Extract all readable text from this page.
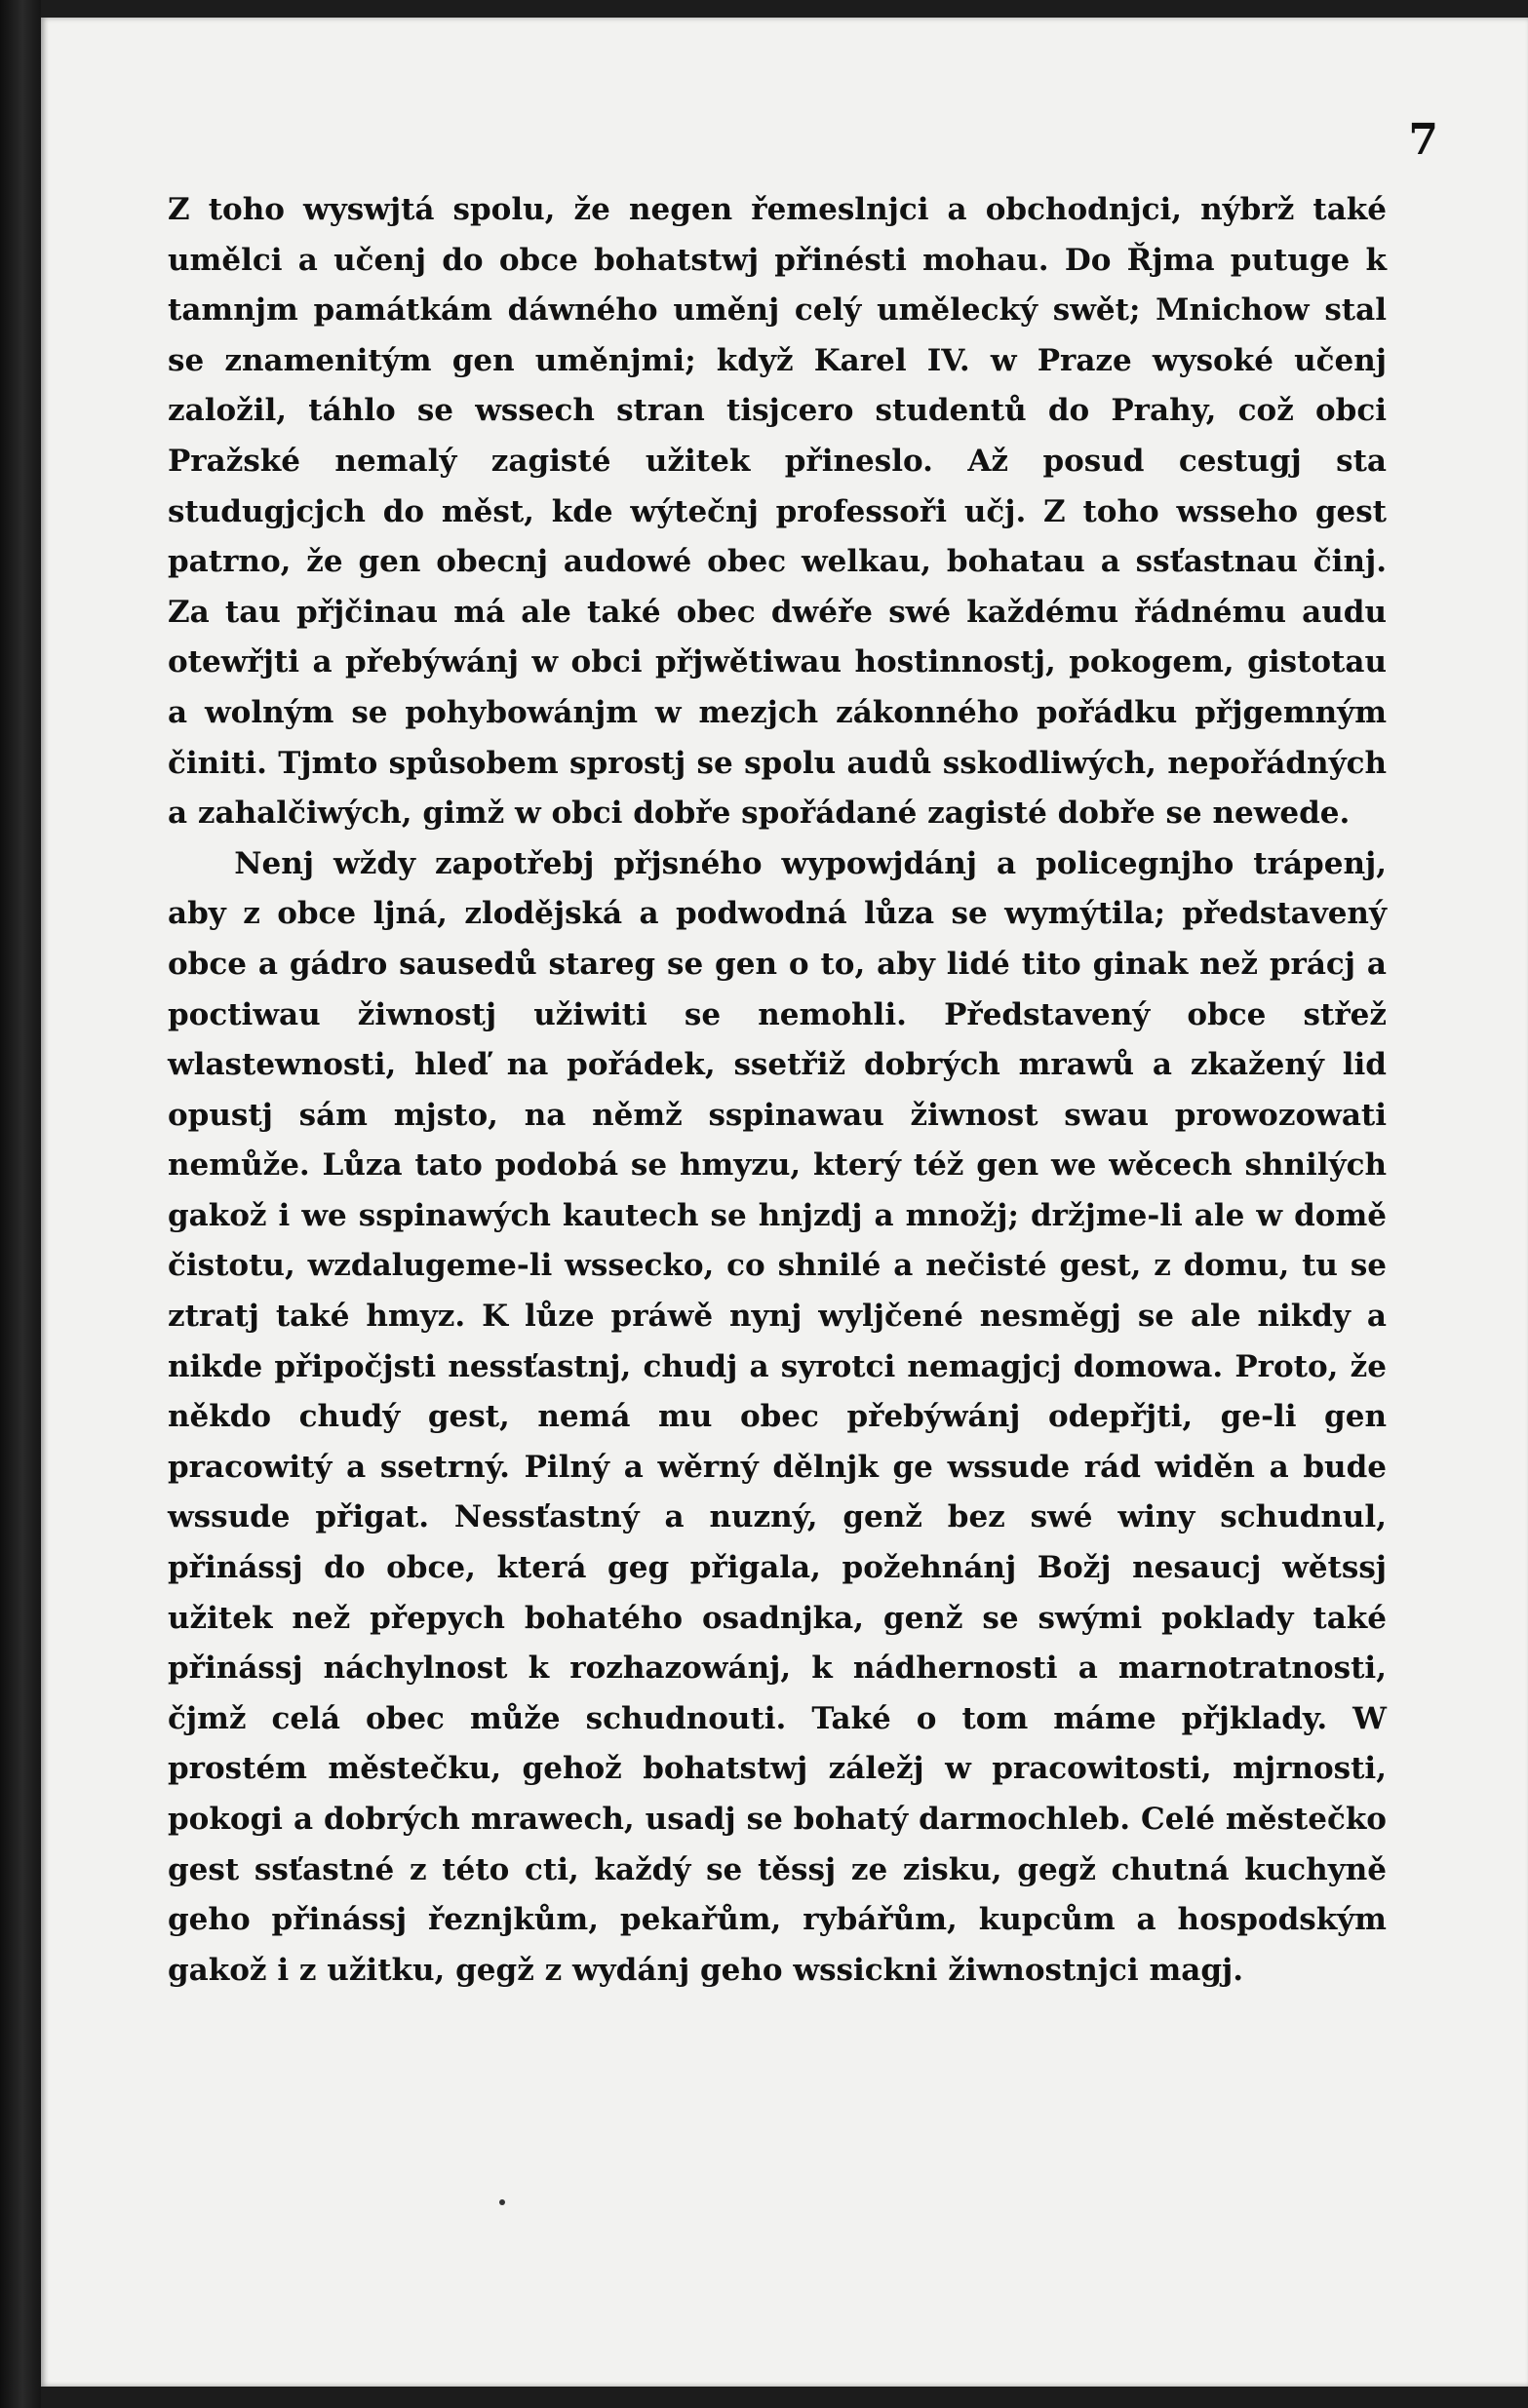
7

Z toho wyswjtá spolu, že negen řemeslnjci a obchodnjci, nýbrž také umělci a učenj do obce bohatstwj přinésti mohau. Do Řjma putuge k tamnjm památkám dáwného uměnj celý umělecký swět; Mnichow stal se znamenitým gen uměnjmi; když Karel IV. w Praze wysoké učenj založil, táhlo se wssech stran tisjcero studentů do Prahy, což obci Pražské nemalý zagisté užitek přineslo. Až posud cestugj sta studugjcjch do měst, kde wýtečnj professoři učj. Z toho wsseho gest patrno, že gen obecnj audowé obec welkau, bohatau a ssťastnau činj. Za tau přjčinau má ale také obec dwéře swé každému řádnému audu otewřjti a přebýwánj w obci přjwětiwau hostinnostj, pokogem, gistotau a wolným se pohybowánjm w mezjch zákonného pořádku přjgemným činiti. Tjmto spůsobem sprostj se spolu audů sskodliwých, nepořádných a zahalčiwých, gimž w obci dobře spořádané zagisté dobře se newede.

Nenj wždy zapotřebj přjsného wypowjdánj a policegnjho trápenj, aby z obce ljná, zlodějská a podwodná lůza se wymýtila; představený obce a gádro sausedů stareg se gen o to, aby lidé tito ginak než prácj a poctiwau žiwnostj užiwiti se nemohli. Představený obce střež wlastewnosti, hleď na pořádek, ssetřiž dobrých mrawů a zkažený lid opustj sám mjsto, na němž sspinawau žiwnost swau prowozowati nemůže. Lůza tato podobá se hmyzu, který též gen we wěcech shnilých gakož i we sspinawých kautech se hnjzdj a množj; držjme-li ale w domě čistotu, wzdalugeme-li wssecko, co shnilé a nečisté gest, z domu, tu se ztratj také hmyz. K lůze práwě nynj wyljčené nesměgj se ale nikdy a nikde připočjsti nessťastnj, chudj a syrotci nemagjcj domowa. Proto, že někdo chudý gest, nemá mu obec přebýwánj odepřjti, ge-li gen pracowitý a ssetrný. Pilný a wěrný dělnjk ge wssude rád widěn a bude wssude přigat. Nessťastný a nuzný, genž bez swé winy schudnul, přinássj do obce, která geg přigala, požehnánj Božj nesaucj wětssj užitek než přepych bohatého osadnjka, genž se swými poklady také přinássj náchylnost k rozhazowánj, k nádhernosti a marnotratnosti, čjmž celá obec může schudnouti. Také o tom máme přjklady. W prostém městečku, gehož bohatstwj záležj w pracowitosti, mjrnosti, pokogi a dobrých mrawech, usadj se bohatý darmochleb. Celé městečko gest ssťastné z této cti, každý se těssj ze zisku, gegž chutná kuchyně geho přinássj řeznjkům, pekařům, rybářům, kupcům a hospodským gakož i z užitku, gegž z wydánj geho wssickni žiwnostnjci magj.
